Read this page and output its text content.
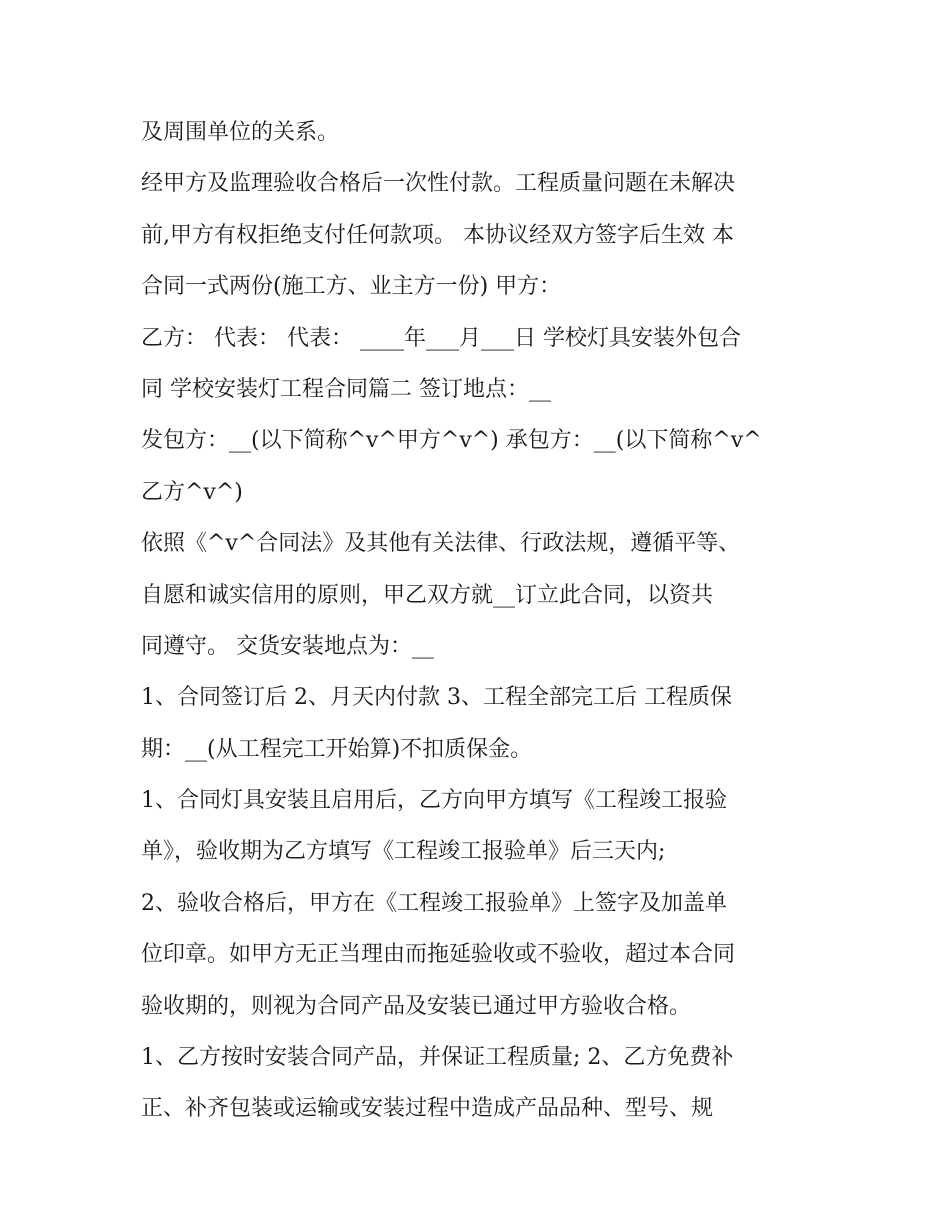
及周围单位的关系。
经甲方及监理验收合格后一次性付款。工程质量问题在未解决
前,甲方有权拒绝支付任何款项。 本协议经双方签字后生效 本
合同一式两份(施工方、业主方一份) 甲方：
乙方： 代表： 代表： ____年___月___日 学校灯具安装外包合
同 学校安装灯工程合同篇二 签订地点：__
发包方：__(以下简称^v^甲方^v^) 承包方：__(以下简称^v^
乙方^v^)
依照《^v^合同法》及其他有关法律、行政法规，遵循平等、
自愿和诚实信用的原则，甲乙双方就__订立此合同，以资共
同遵守。 交货安装地点为：__
1、合同签订后 2、月天内付款 3、工程全部完工后 工程质保
期：__(从工程完工开始算)不扣质保金。
1、合同灯具安装且启用后，乙方向甲方填写《工程竣工报验
单》，验收期为乙方填写《工程竣工报验单》后三天内;
2、验收合格后，甲方在《工程竣工报验单》上签字及加盖单
位印章。如甲方无正当理由而拖延验收或不验收，超过本合同
验收期的，则视为合同产品及安装已通过甲方验收合格。
1、乙方按时安装合同产品，并保证工程质量; 2、乙方免费补
正、补齐包装或运输或安装过程中造成产品品种、型号、规
